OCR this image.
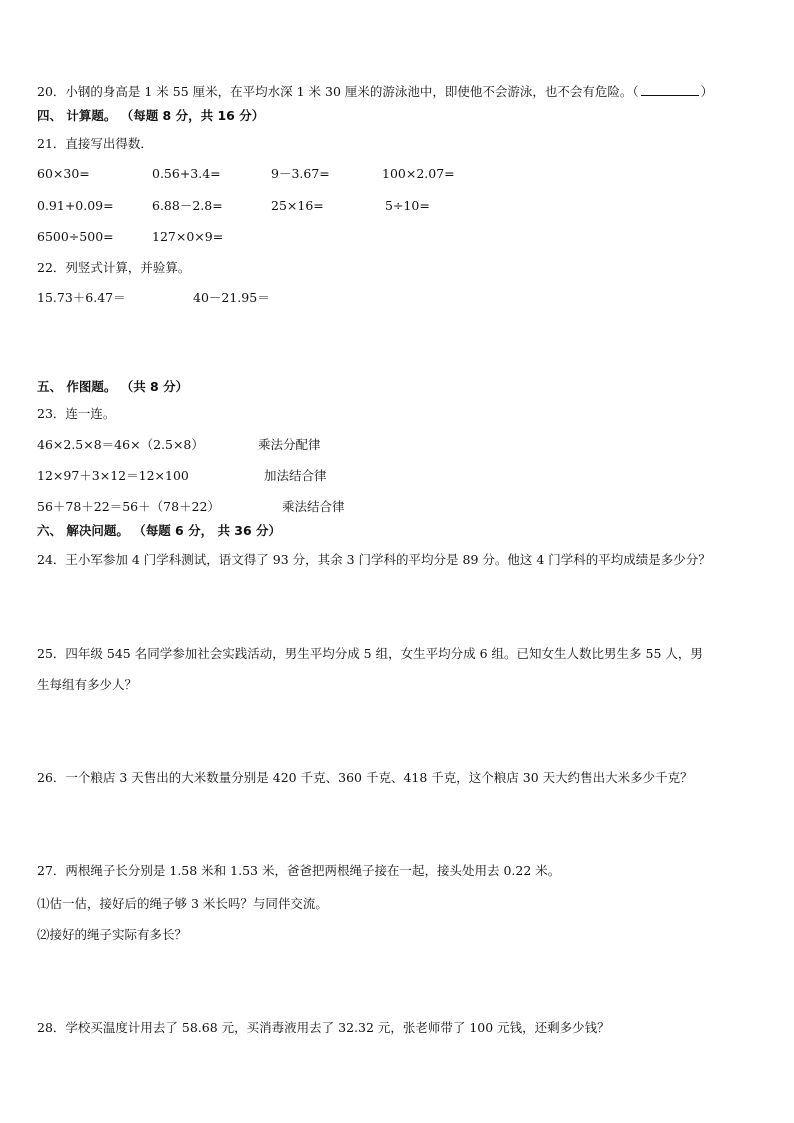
20．小钢的身高是 1 米 55 厘米，在平均水深 1 米 30 厘米的游泳池中，即使他不会游泳，也不会有危险。（	）
四、 计算题。 （每题 8 分，共 16 分）
21．直接写出得数．
60×30=	0.56+3.4=	9－3.67=	100×2.07=
0.91+0.09=	6.88－2.8=	25×16=	5÷10=
6500÷500=	127×0×9=
22．列竖式计算，并验算。
15.73＋6.47＝	40－21.95＝
五、 作图题。 （共 8 分）
23．连一连。
46×2.5×8＝46×（2.5×8）	乘法分配律
12×97＋3×12＝12×100	加法结合律
56＋78＋22＝56＋（78＋22）	乘法结合律
六、 解决问题。 （每题 6 分， 共 36 分）
24．王小军参加 4 门学科测试，语文得了 93 分，其余 3 门学科的平均分是 89 分。他这 4 门学科的平均成绩是多少分？
25．四年级 545 名同学参加社会实践活动，男生平均分成 5 组，女生平均分成 6 组。已知女生人数比男生多 55 人，男
生每组有多少人？
26．一个粮店 3 天售出的大米数量分别是 420 千克、360 千克、418 千克，这个粮店 30 天大约售出大米多少千克？
27．两根绳子长分别是 1.58 米和 1.53 米，爸爸把两根绳子接在一起，接头处用去 0.22 米。
⑴估一估，接好后的绳子够 3 米长吗？与同伴交流。
⑵接好的绳子实际有多长？
28．学校买温度计用去了 58.68 元，买消毒液用去了 32.32 元，张老师带了 100 元钱，还剩多少钱？
